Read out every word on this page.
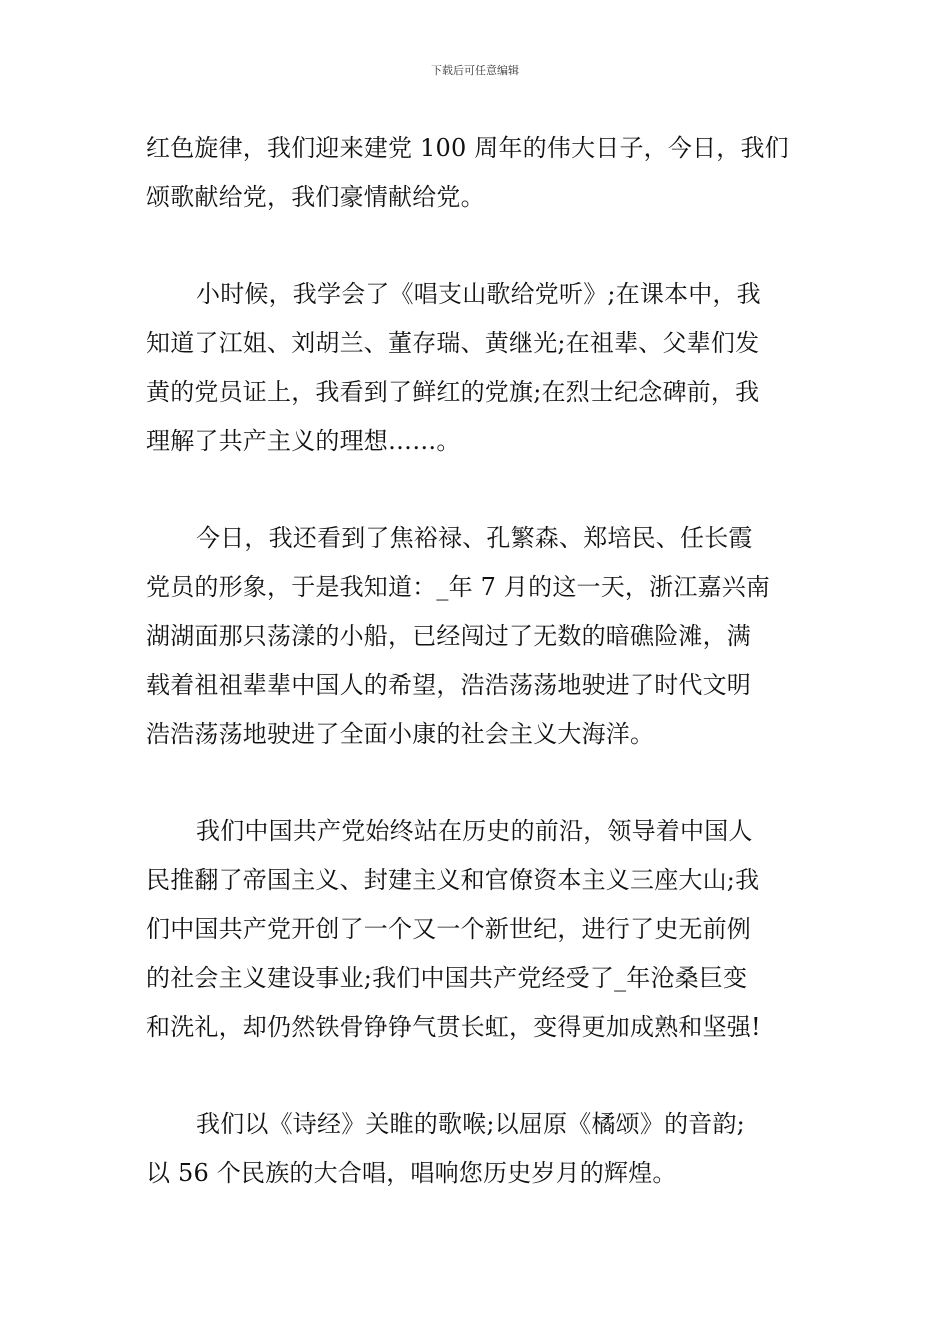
下载后可任意编辑

红色旋律，我们迎来建党 100 周年的伟大日子，今日，我们
颂歌献给党，我们豪情献给党。

小时候，我学会了《唱支山歌给党听》;在课本中，我
知道了江姐、刘胡兰、董存瑞、黄继光;在祖辈、父辈们发
黄的党员证上，我看到了鲜红的党旗;在烈士纪念碑前，我
理解了共产主义的理想……。

今日，我还看到了焦裕禄、孔繁森、郑培民、任长霞
党员的形象，于是我知道：_年 7 月的这一天，浙江嘉兴南
湖湖面那只荡漾的小船，已经闯过了无数的暗礁险滩，满
载着祖祖辈辈中国人的希望，浩浩荡荡地驶进了时代文明
浩浩荡荡地驶进了全面小康的社会主义大海洋。

我们中国共产党始终站在历史的前沿，领导着中国人
民推翻了帝国主义、封建主义和官僚资本主义三座大山;我
们中国共产党开创了一个又一个新世纪，进行了史无前例
的社会主义建设事业;我们中国共产党经受了_年沧桑巨变
和洗礼，却仍然铁骨铮铮气贯长虹，变得更加成熟和坚强!

我们以《诗经》关睢的歌喉;以屈原《橘颂》的音韵;
以 56 个民族的大合唱，唱响您历史岁月的辉煌。
